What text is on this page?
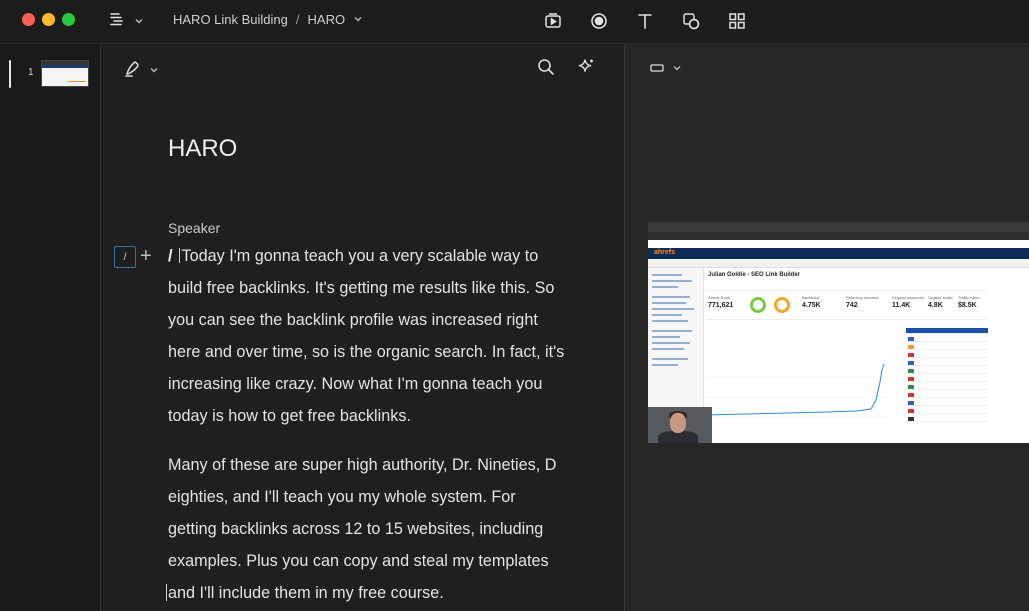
HARO Link Building / HARO
1
HARO
Speaker
/ + / Today I'm gonna teach you a very scalable way to build free backlinks. It's getting me results like this. So you can see the backlink profile was increased right here and over time, so is the organic search. In fact, it's increasing like crazy. Now what I'm gonna teach you today is how to get free backlinks.

Many of these are super high authority, Dr. Nineties, D eighties, and I'll teach you my whole system. For getting backlinks across 12 to 15 websites, including examples. Plus you can copy and steal my templates and I'll include them in my free course.

ahrefs
Julian Goldie - SEO Link Builder
Ahrefs Rank
771,621
Backlinks
4.75K
Referring domains
742
Organic keywords
11.4K
Organic traffic
4.8K
Traffic value
$8.5K
